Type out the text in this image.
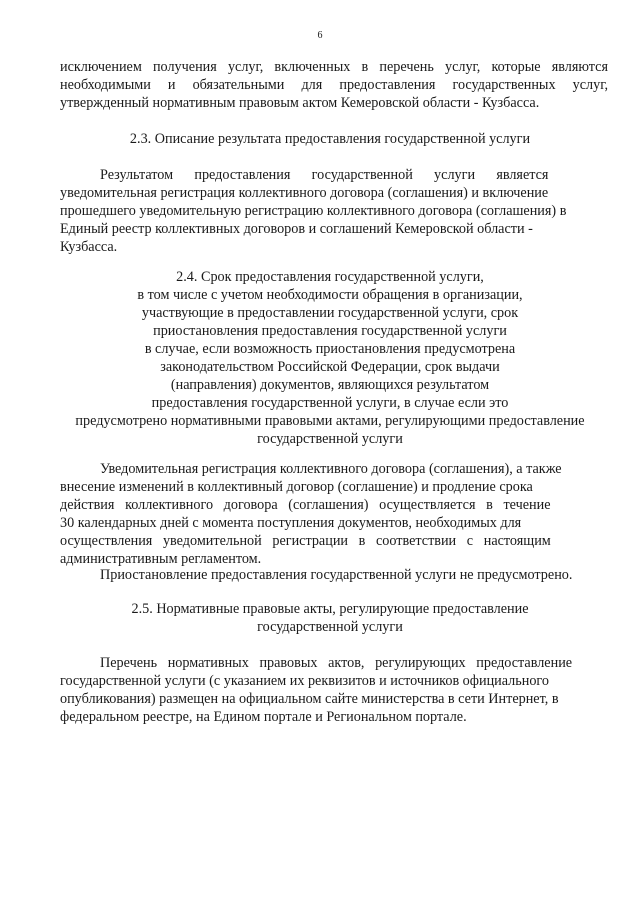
6
исключением получения услуг, включенных в перечень услуг, которые являются
необходимыми и обязательными для предоставления государственных услуг,
утвержденный нормативным правовым актом Кемеровской области - Кузбасса.
2.3. Описание результата предоставления государственной услуги
Результатом      предоставления      государственной      услуги      является
уведомительная регистрация коллективного договора (соглашения) и включение
прошедшего уведомительную регистрацию коллективного договора (соглашения) в
Единый реестр коллективных договоров и соглашений Кемеровской области -
Кузбасса.
2.4. Срок предоставления государственной услуги,
в том числе с учетом необходимости обращения в организации,
участвующие в предоставлении государственной услуги, срок
приостановления предоставления государственной услуги
в случае, если возможность приостановления предусмотрена
законодательством Российской Федерации, срок выдачи
(направления) документов, являющихся результатом
предоставления государственной услуги, в случае если это
предусмотрено нормативными правовыми актами, регулирующими предоставление
государственной услуги
Уведомительная регистрация коллективного договора (соглашения), а также
внесение изменений в коллективный договор (соглашение) и продление срока
действия   коллективного   договора   (соглашения)   осуществляется   в   течение
30 календарных дней с момента поступления документов, необходимых для
осуществления   уведомительной   регистрации   в   соответствии   с   настоящим
административным регламентом.
Приостановление предоставления государственной услуги не предусмотрено.
2.5. Нормативные правовые акты, регулирующие предоставление
государственной услуги
Перечень   нормативных   правовых   актов,   регулирующих   предоставление
государственной услуги (с указанием их реквизитов и источников официального
опубликования) размещен на официальном сайте министерства в сети Интернет, в
федеральном реестре, на Едином портале и Региональном портале.
